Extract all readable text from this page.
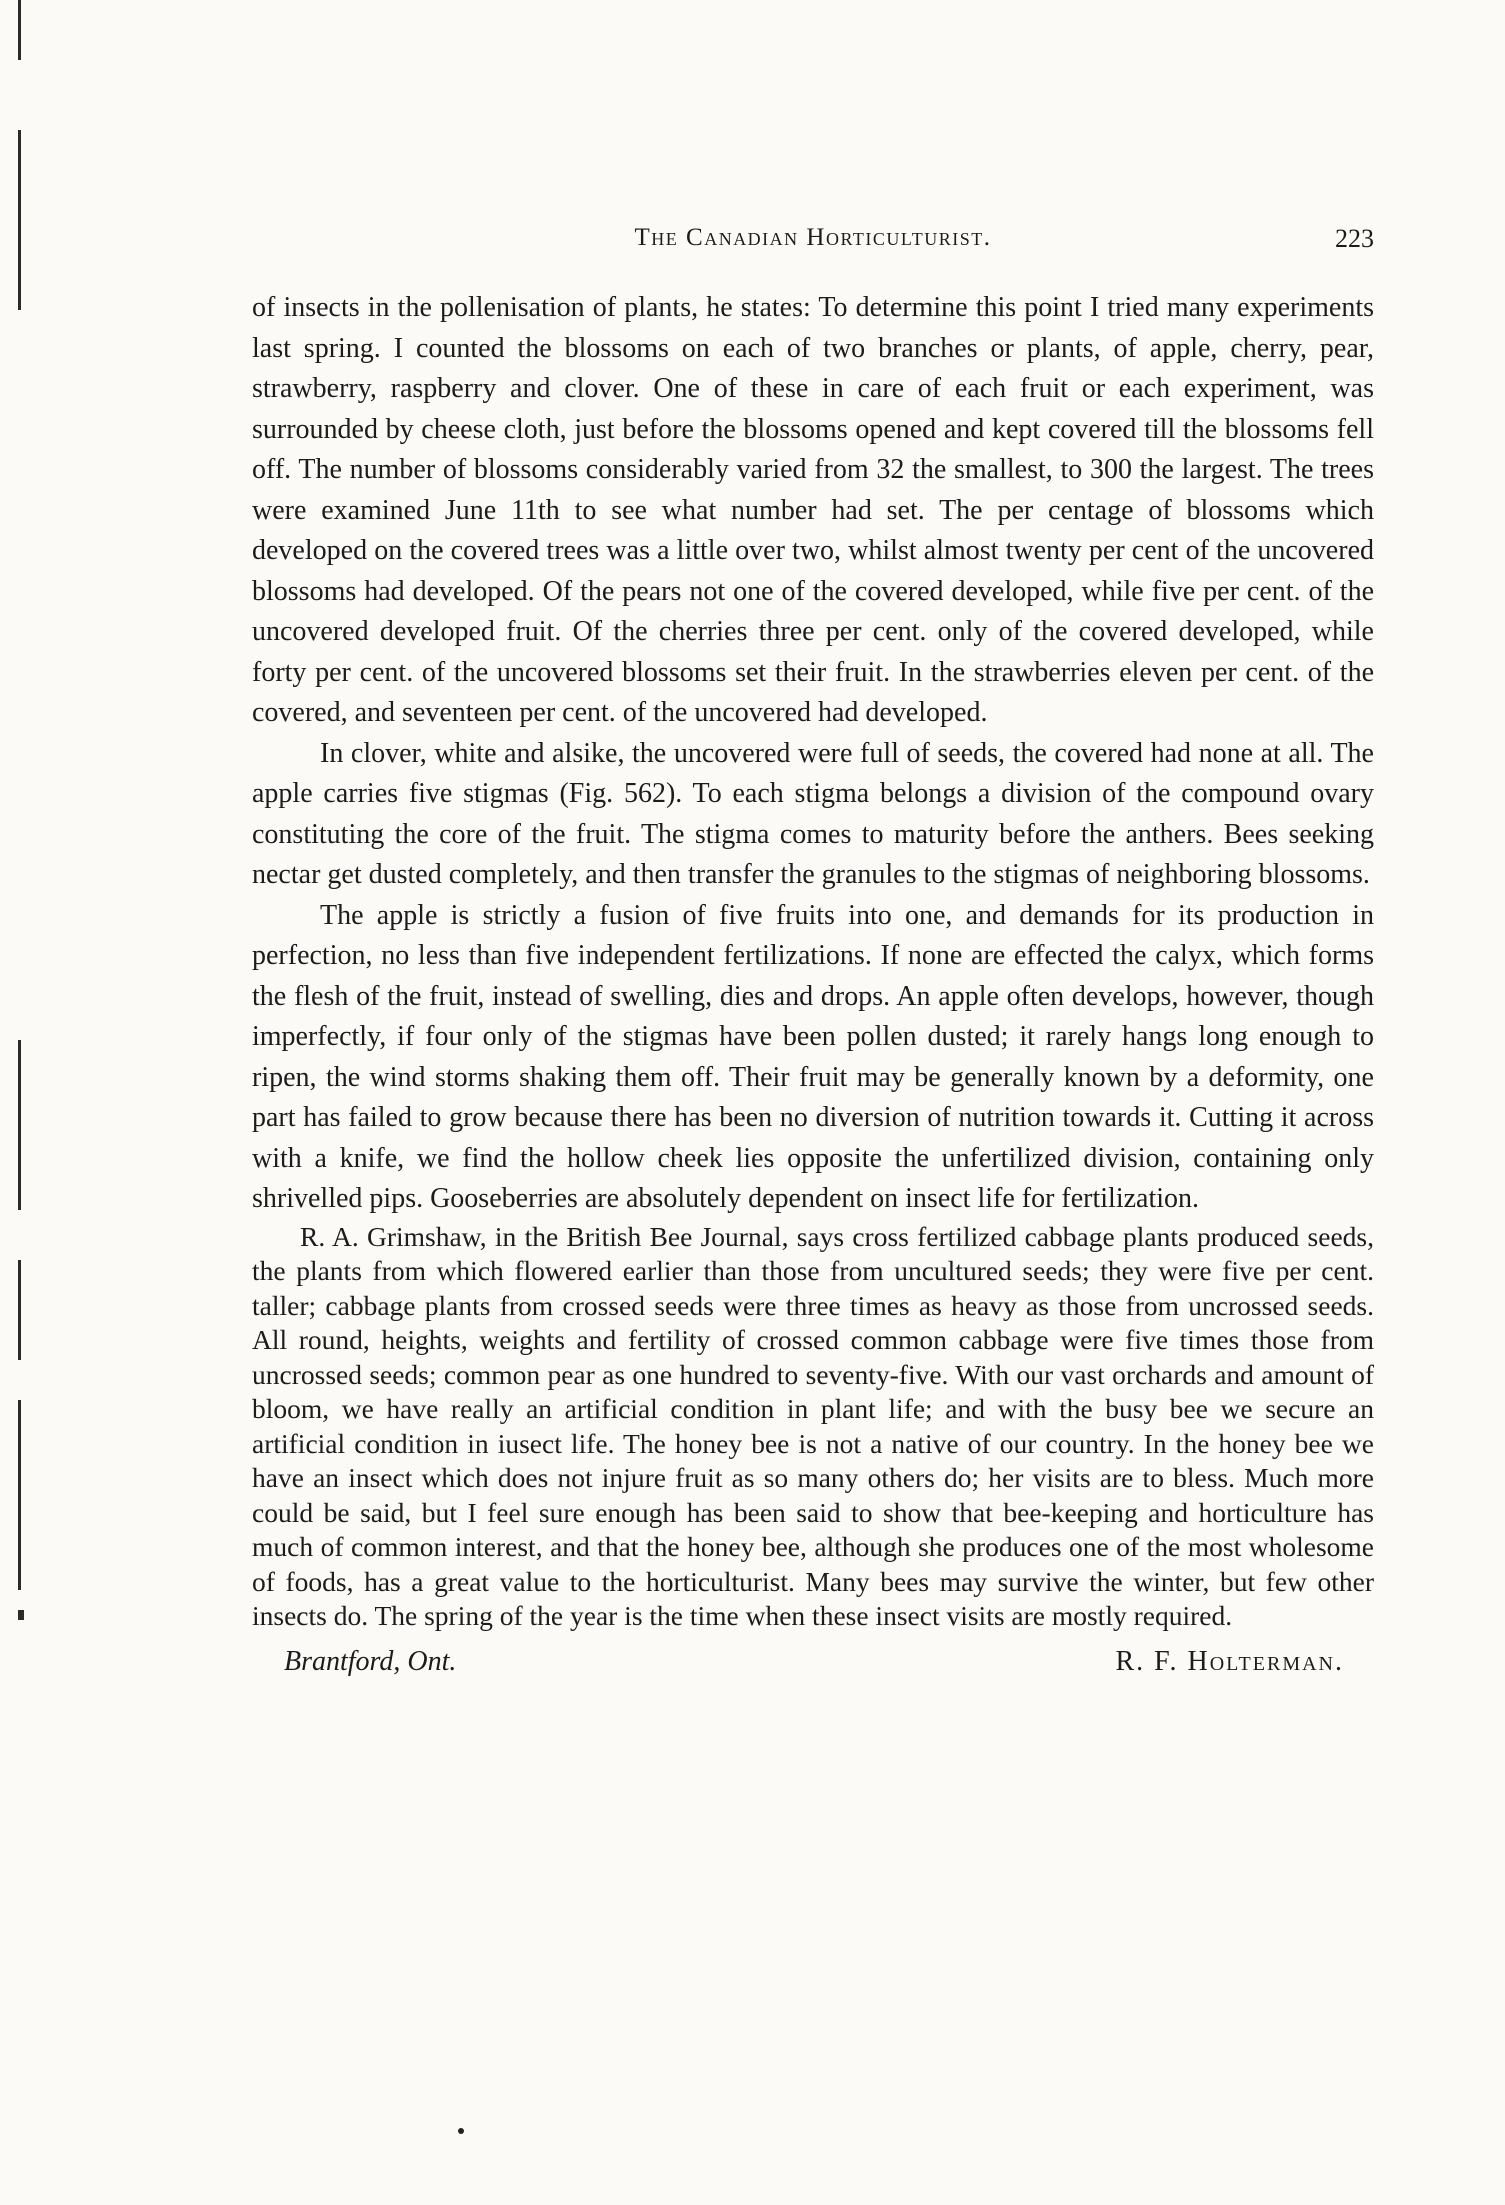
The Canadian Horticulturist.	223

of insects in the pollenisation of plants, he states: To determine this point I tried many experiments last spring. I counted the blossoms on each of two branches or plants, of apple, cherry, pear, strawberry, raspberry and clover. One of these in care of each fruit or each experiment, was surrounded by cheese cloth, just before the blossoms opened and kept covered till the blossoms fell off. The number of blossoms considerably varied from 32 the smallest, to 300 the largest. The trees were examined June 11th to see what number had set. The per centage of blossoms which developed on the covered trees was a little over two, whilst almost twenty per cent of the uncovered blossoms had developed. Of the pears not one of the covered developed, while five per cent. of the uncovered developed fruit. Of the cherries three per cent. only of the covered developed, while forty per cent. of the uncovered blossoms set their fruit. In the strawberries eleven per cent. of the covered, and seventeen per cent. of the uncovered had developed.

In clover, white and alsike, the uncovered were full of seeds, the covered had none at all. The apple carries five stigmas (Fig. 562). To each stigma belongs a division of the compound ovary constituting the core of the fruit. The stigma comes to maturity before the anthers. Bees seeking nectar get dusted completely, and then transfer the granules to the stigmas of neighboring blossoms.

The apple is strictly a fusion of five fruits into one, and demands for its production in perfection, no less than five independent fertilizations. If none are effected the calyx, which forms the flesh of the fruit, instead of swelling, dies and drops. An apple often develops, however, though imperfectly, if four only of the stigmas have been pollen dusted; it rarely hangs long enough to ripen, the wind storms shaking them off. Their fruit may be generally known by a deformity, one part has failed to grow because there has been no diversion of nutrition towards it. Cutting it across with a knife, we find the hollow cheek lies opposite the unfertilized division, containing only shrivelled pips. Gooseberries are absolutely dependent on insect life for fertilization.

R. A. Grimshaw, in the British Bee Journal, says cross fertilized cabbage plants produced seeds, the plants from which flowered earlier than those from uncultured seeds; they were five per cent. taller; cabbage plants from crossed seeds were three times as heavy as those from uncrossed seeds. All round, heights, weights and fertility of crossed common cabbage were five times those from uncrossed seeds; common pear as one hundred to seventy-five. With our vast orchards and amount of bloom, we have really an artificial condition in plant life; and with the busy bee we secure an artificial condition in iusect life. The honey bee is not a native of our country. In the honey bee we have an insect which does not injure fruit as so many others do; her visits are to bless. Much more could be said, but I feel sure enough has been said to show that bee-keeping and horticulture has much of common interest, and that the honey bee, although she produces one of the most wholesome of foods, has a great value to the horticulturist. Many bees may survive the winter, but few other insects do. The spring of the year is the time when these insect visits are mostly required.

Brantford, Ont.	R. F. Holterman.
